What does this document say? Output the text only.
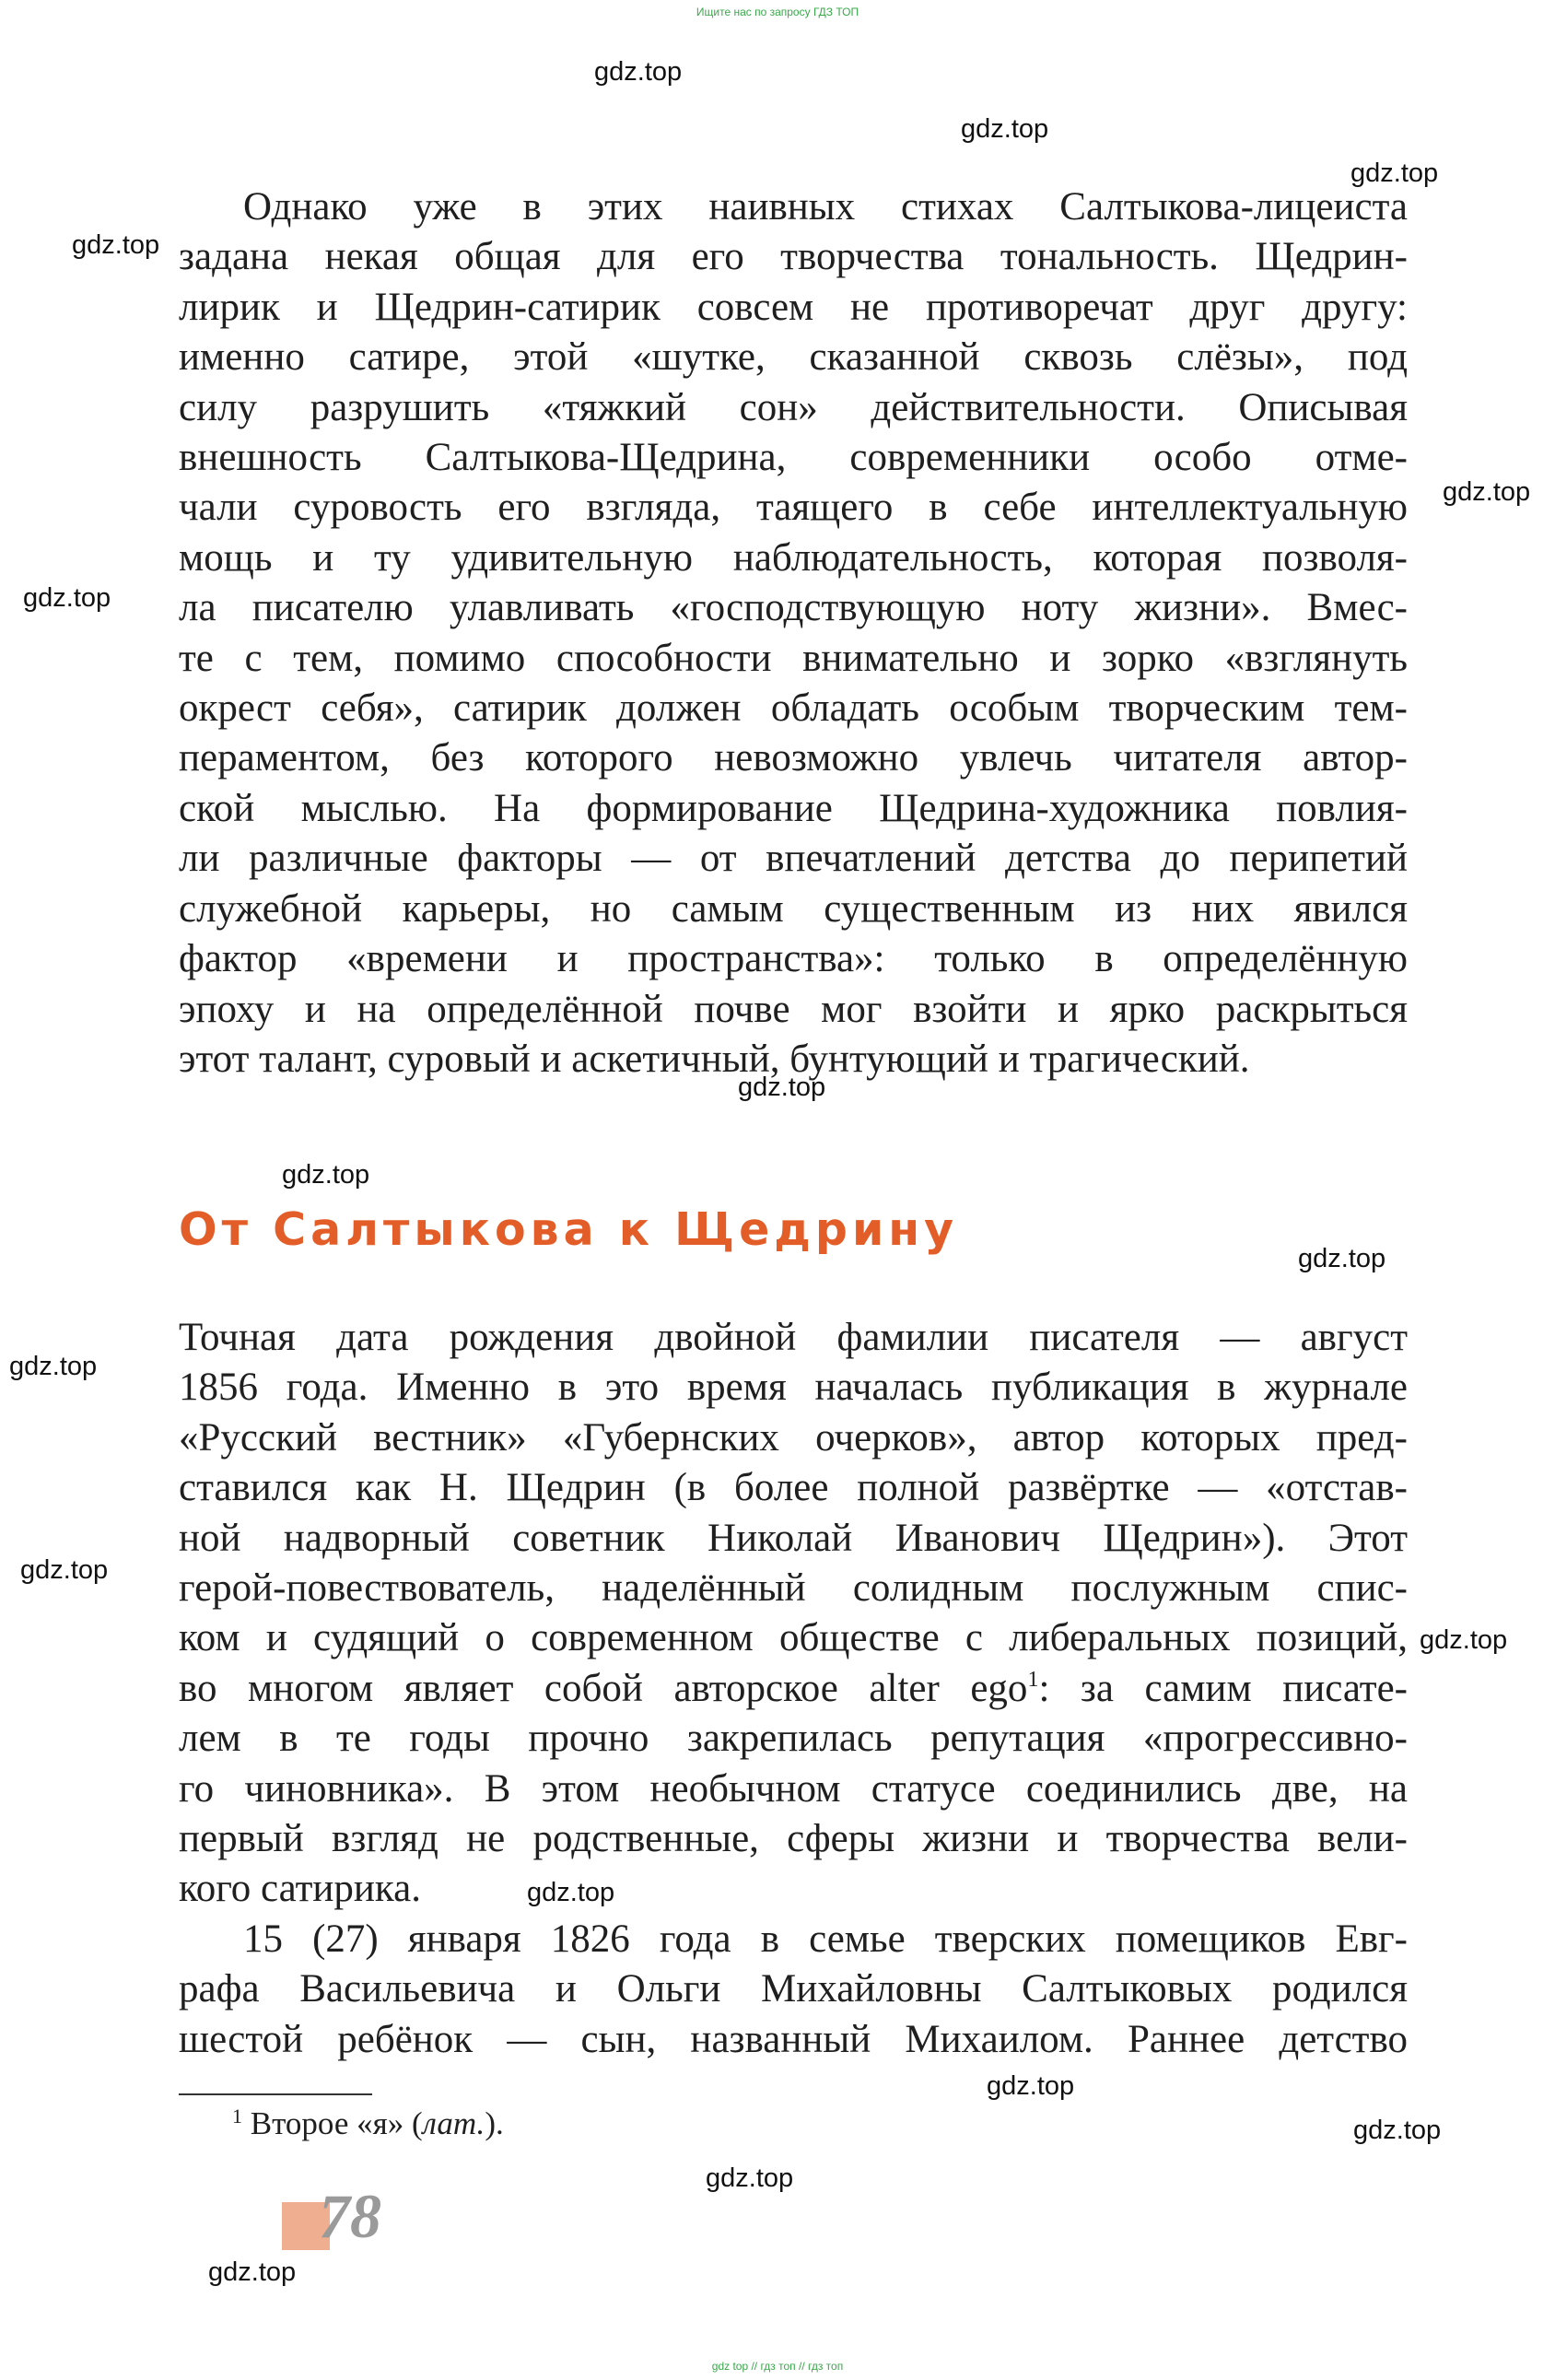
Ищите нас по запросу ГДЗ ТОП
gdz top // гдз топ // гдз топ
gdz.top
gdz.top
gdz.top
gdz.top
gdz.top
gdz.top
gdz.top
gdz.top
gdz.top
gdz.top
gdz.top
gdz.top
gdz.top
gdz.top
gdz.top
gdz.top
gdz.top

Однако уже в этих наивных стихах Салтыкова-лицеиста

задана некая общая для его творчества тональность. Щедрин-

лирик и Щедрин-сатирик совсем не противоречат друг другу:

именно сатире, этой «шутке, сказанной сквозь слёзы», под

силу разрушить «тяжкий сон» действительности. Описывая

внешность Салтыкова-Щедрина, современники особо отме-

чали суровость его взгляда, таящего в себе интеллектуальную

мощь и ту удивительную наблюдательность, которая позволя-

ла писателю улавливать «господствующую ноту жизни». Вмес-

те с тем, помимо способности внимательно и зорко «взглянуть

окрест себя», сатирик должен обладать особым творческим тем-

пераментом, без которого невозможно увлечь читателя автор-

ской мыслью. На формирование Щедрина-художника повлия-

ли различные факторы — от впечатлений детства до перипетий

служебной карьеры, но самым существенным из них явился

фактор «времени и пространства»: только в определённую

эпоху и на определённой почве мог взойти и ярко раскрыться

этот талант, суровый и аскетичный, бунтующий и трагический.

От Салтыкова к Щедрину

Точная дата рождения двойной фамилии писателя — август

1856 года. Именно в это время началась публикация в журнале

«Русский вестник» «Губернских очерков», автор которых пред-

ставился как Н. Щедрин (в более полной развёртке — «отстав-

ной надворный советник Николай Иванович Щедрин»). Этот

герой-повествователь, наделённый солидным послужным спис-

ком и судящий о современном обществе с либеральных позиций,

во многом являет собой авторское alter ego$^1$: за самим писате-

лем в те годы прочно закрепилась репутация «прогрессивно-

го чиновника». В этом необычном статусе соединились две, на

первый взгляд не родственные, сферы жизни и творчества вели-

кого сатирика.

15 (27) января 1826 года в семье тверских помещиков Евг-

рафа Васильевича и Ольги Михайловны Салтыковых родился

шестой ребёнок — сын, названный Михаилом. Раннее детство

$^1$ Второе «я» (лат.).
78
